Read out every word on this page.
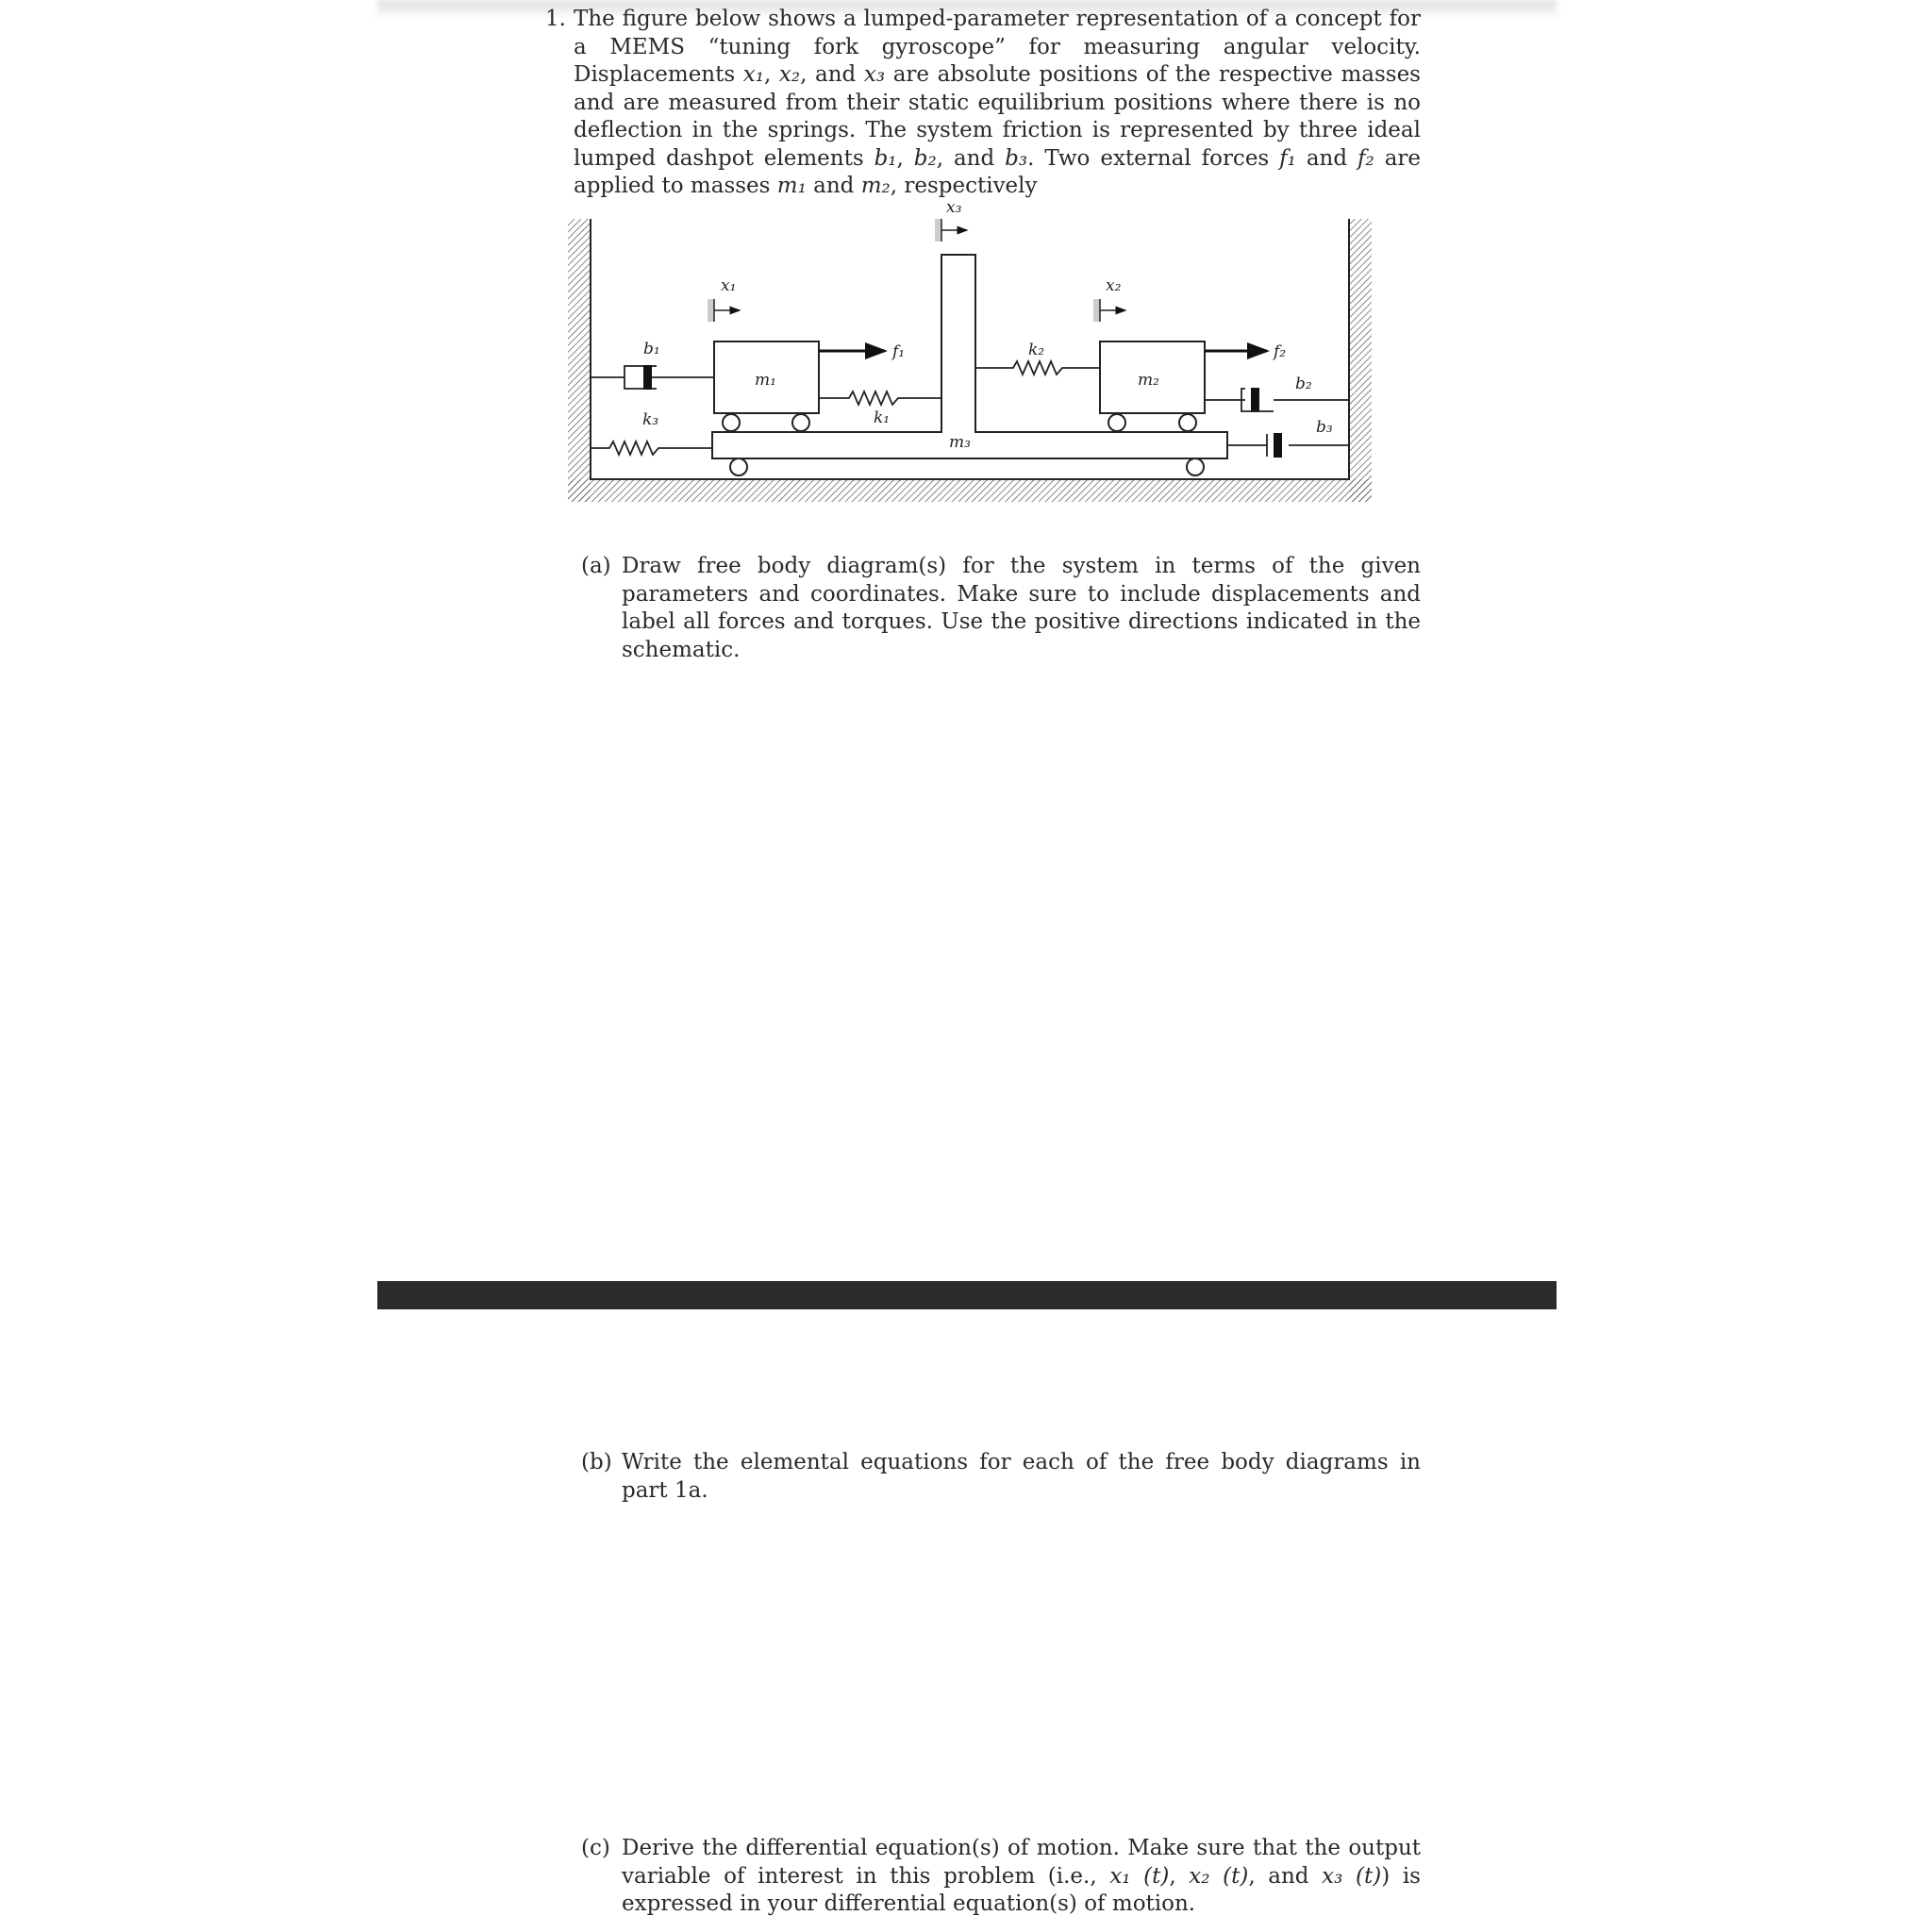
1. The figure below shows a lumped-parameter representation of a concept for a MEMS “tuning fork gyroscope” for measuring angular velocity. Displacements x₁, x₂, and x₃ are absolute positions of the respective masses and are measured from their static equilibrium positions where there is no deflection in the springs. The system friction is represented by three ideal lumped dashpot elements b₁, b₂, and b₃. Two external forces f₁ and f₂ are applied to masses m₁ and m₂, respectively
x₃
x₁	x₂
b₁
k₃
m₁
f₁
k₁
m₃
k₂
m₂
f₂
b₂
b₃
(a) Draw free body diagram(s) for the system in terms of the given parameters and coordinates. Make sure to include displacements and label all forces and torques. Use the positive directions indicated in the schematic.
(b) Write the elemental equations for each of the free body diagrams in part 1a.
(c) Derive the differential equation(s) of motion. Make sure that the output variable of interest in this problem (i.e., x₁ (t), x₂ (t), and x₃ (t)) is expressed in your differential equation(s) of motion.
